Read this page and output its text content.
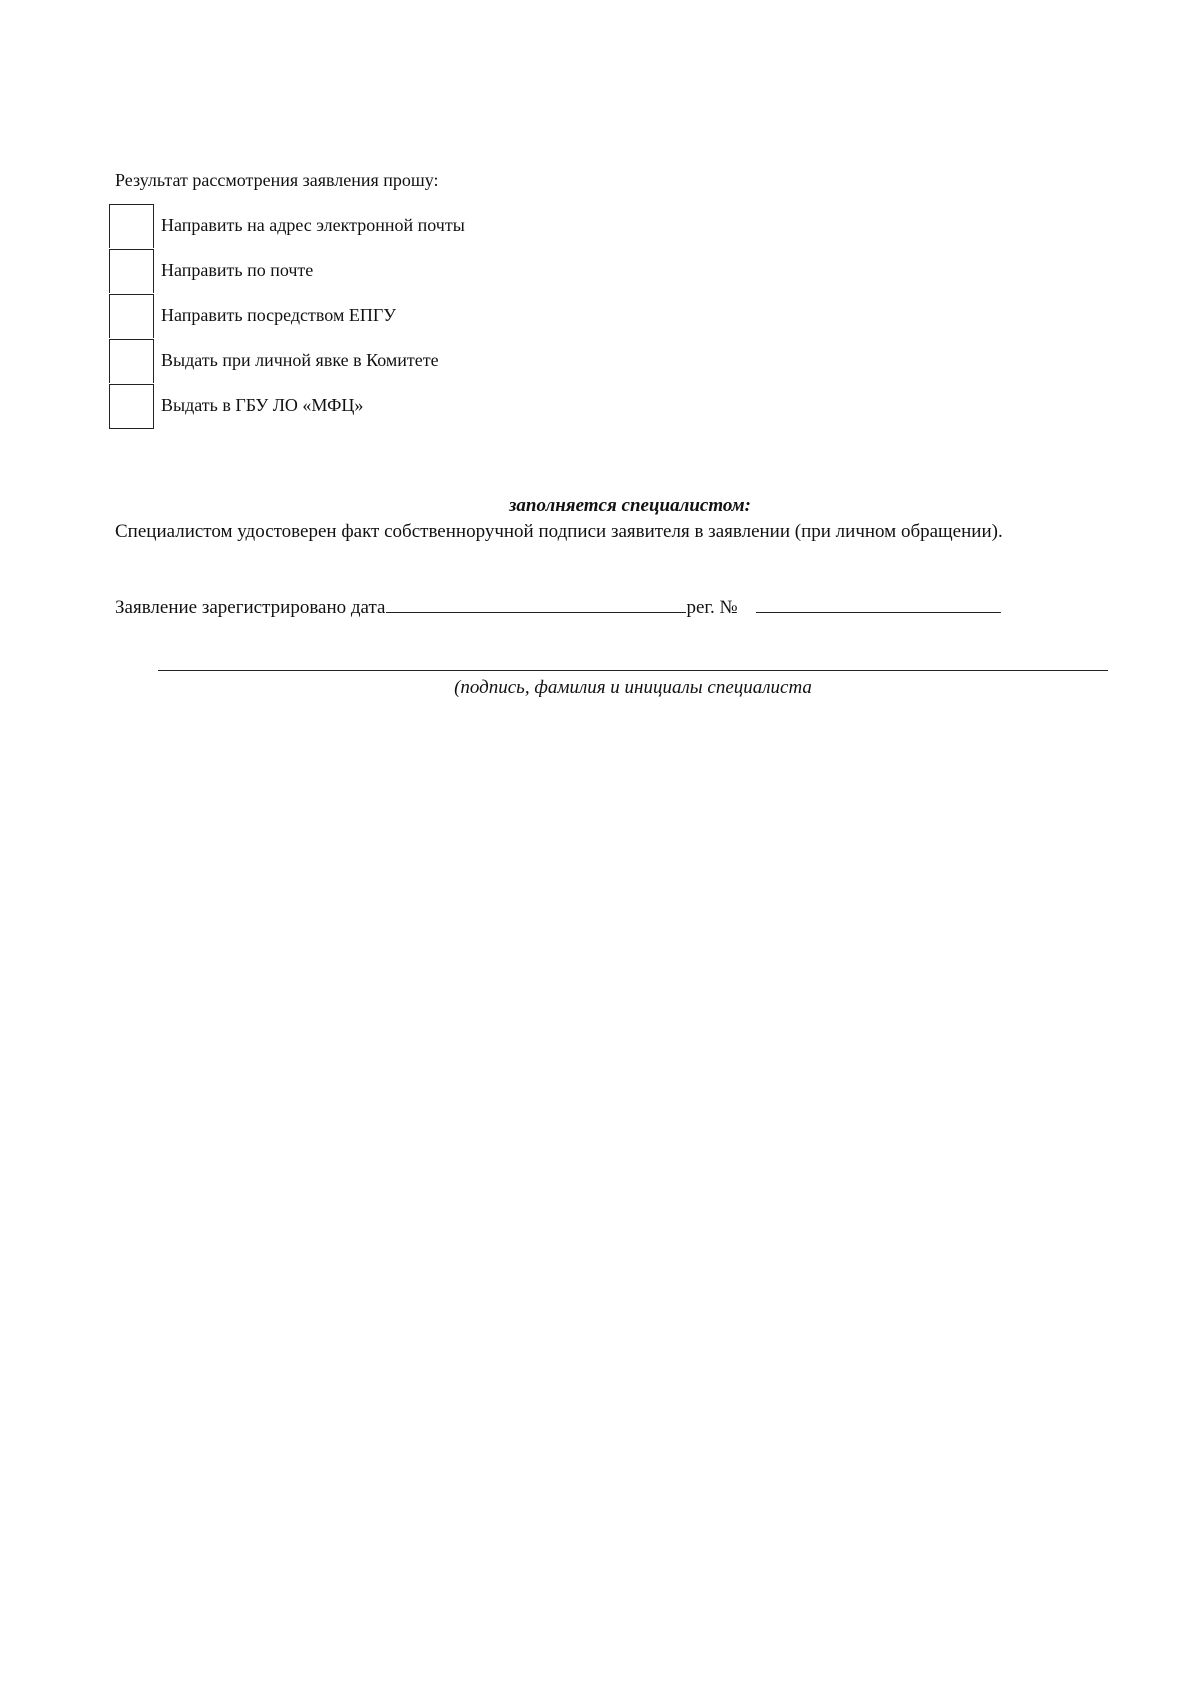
Результат рассмотрения заявления прошу:
Направить на адрес электронной почты
Направить по почте
Направить посредством ЕПГУ
Выдать при личной явке в Комитете
Выдать в ГБУ ЛО «МФЦ»
заполняется специалистом:
Специалистом удостоверен факт собственноручной подписи заявителя в заявлении (при личном обращении).
Заявление зарегистрировано дата	рег. №
(подпись, фамилия и инициалы специалиста
